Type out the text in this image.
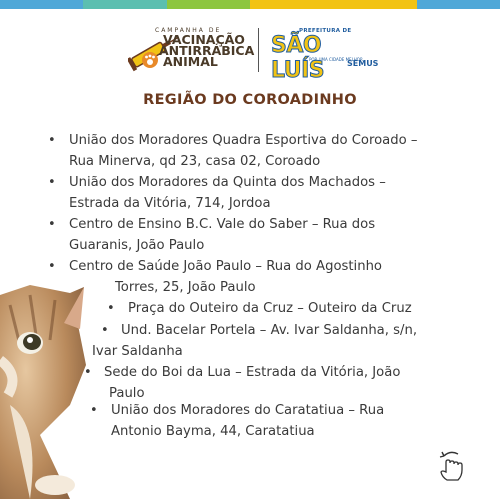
CAMPANHA DE
VACINAÇÃO
ANTIRRÁBICA
ANIMAL
PREFEITURA DE
SÃO LUÍS
POR UMA CIDADE MELHOR
SEMUS
REGIÃO DO COROADINHO
• União dos Moradores Quadra Esportiva do Coroado –
Rua Minerva, qd 23, casa 02, Coroado
• União dos Moradores da Quinta dos Machados –
Estrada da Vitória, 714, Jordoa
• Centro de Ensino B.C. Vale do Saber – Rua dos
Guaranis, João Paulo
• Centro de Saúde João Paulo – Rua do Agostinho
Torres, 25, João Paulo
• Praça do Outeiro da Cruz – Outeiro da Cruz
• Und. Bacelar Portela – Av. Ivar Saldanha, s/n,
Ivar Saldanha
• Sede do Boi da Lua – Estrada da Vitória, João
Paulo
• União dos Moradores do Caratatiua – Rua
Antonio Bayma, 44, Caratatiua
